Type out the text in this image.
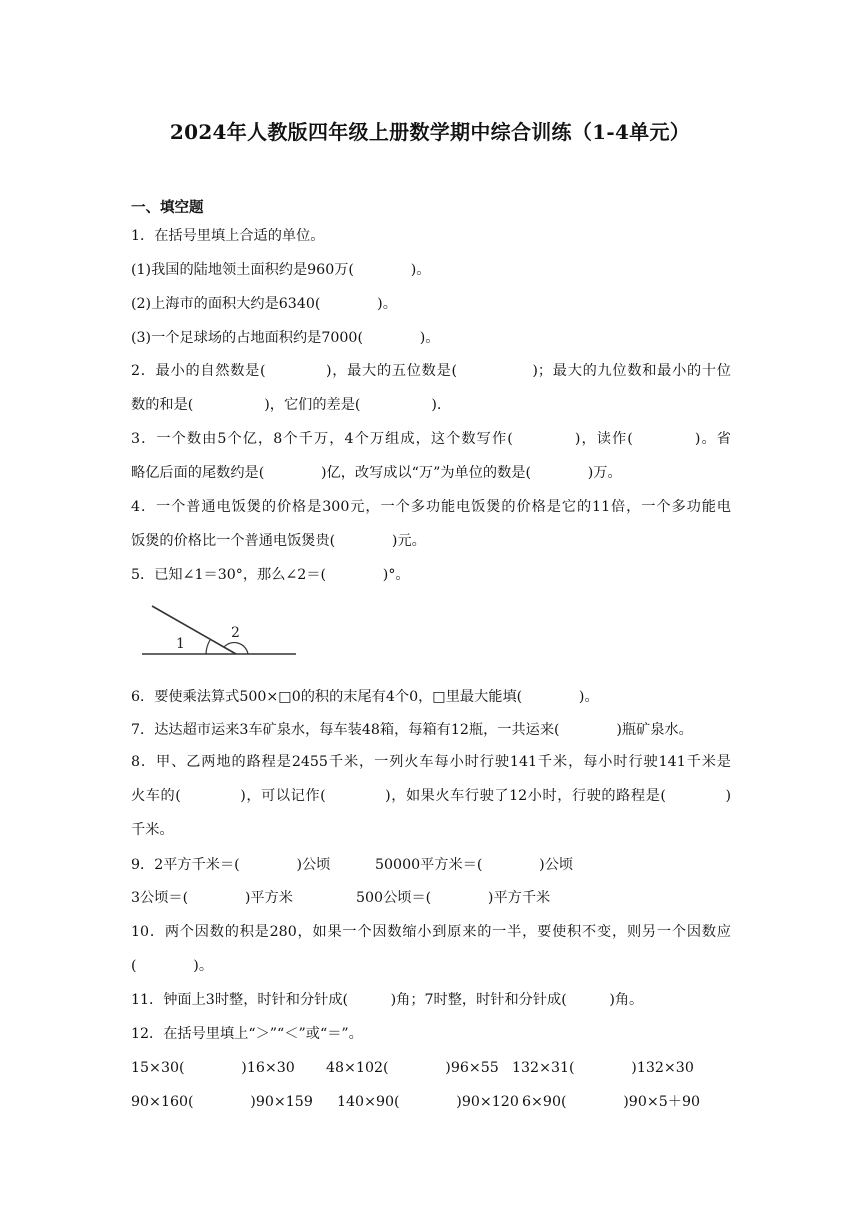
2024年人教版四年级上册数学期中综合训练（1-4单元）
一、填空题
1．在括号里填上合适的单位。
(1)我国的陆地领土面积约是960万(　　　　)。
(2)上海市的面积大约是6340(　　　　)。
(3)一个足球场的占地面积约是7000(　　　　)。
2．最小的自然数是(　　　　)，最大的五位数是(　　　　　)；最大的九位数和最小的十位
数的和是(　　　　　)，它们的差是(　　　　　).
3．一个数由5个亿，8个千万，4个万组成，这个数写作(　　　　)，读作(　　　　)。省
略亿后面的尾数约是(　　　　)亿，改写成以“万”为单位的数是(　　　　)万。
4．一个普通电饭煲的价格是300元，一个多功能电饭煲的价格是它的11倍，一个多功能电
饭煲的价格比一个普通电饭煲贵(　　　　)元。
5．已知∠1＝30°，那么∠2＝(　　　　)°。
1
2
6．要使乘法算式500×□0的积的末尾有4个0，□里最大能填(　　　　)。
7．达达超市运来3车矿泉水，每车装48箱，每箱有12瓶，一共运来(　　　　)瓶矿泉水。
8．甲、乙两地的路程是2455千米，一列火车每小时行驶141千米，每小时行驶141千米是
火车的(　　　　)，可以记作(　　　　)，如果火车行驶了12小时，行驶的路程是(　　　　)
千米。
9．2平方千米＝(　　　　)公顷	50000平方米＝(　　　　)公顷
3公顷＝(　　　　)平方米	500公顷＝(　　　　)平方千米
10．两个因数的积是280，如果一个因数缩小到原来的一半，要使积不变，则另一个因数应
(　　　　)。
11．钟面上3时整，时针和分针成(　　　)角；7时整，时针和分针成(　　　)角。
12．在括号里填上“＞”“＜”或“＝”。
15×30(　　　　)16×30 48×102(　　　　)96×55 132×31(　　　　)132×30
90×160(　　　　)90×159 140×90(　　　　)90×120 6×90(　　　　)90×5＋90
